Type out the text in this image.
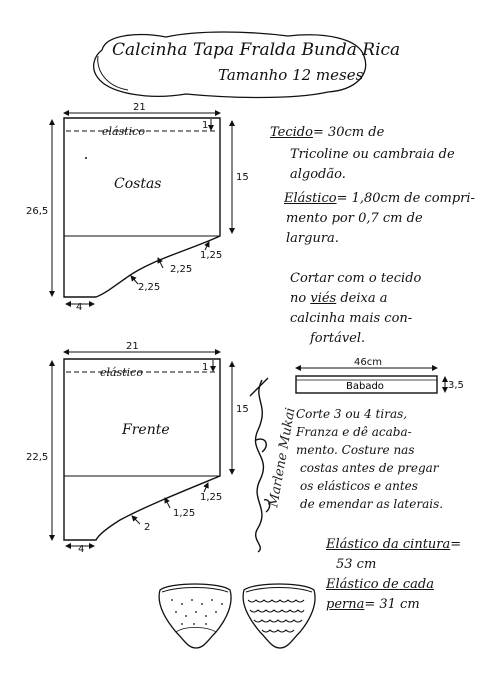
Calcinha Tapa Fralda Bunda Rica
Tamanho 12 meses
21
26,5
elástico	1
15
4
1,25
2,25
2,25
21
22,5
elástico	1
15
4
1,25
1,25
2
46cm
Babado	3,5
Costas
Frente
Tecido= 30cm de
Tricoline ou cambraia de
algodão.
Elástico= 1,80cm de compri-
mento por 0,7 cm de
largura.
Cortar com o tecido
no viés deixa a
calcinha mais con-
fortável.
Corte 3 ou 4 tiras,
Franza e dê acaba-
mento. Costure nas
costas antes de pregar
os elásticos e antes
de emendar as laterais.
Elástico da cintura=
53 cm
Elástico de cada
perna= 31 cm
Marlene Mukai
